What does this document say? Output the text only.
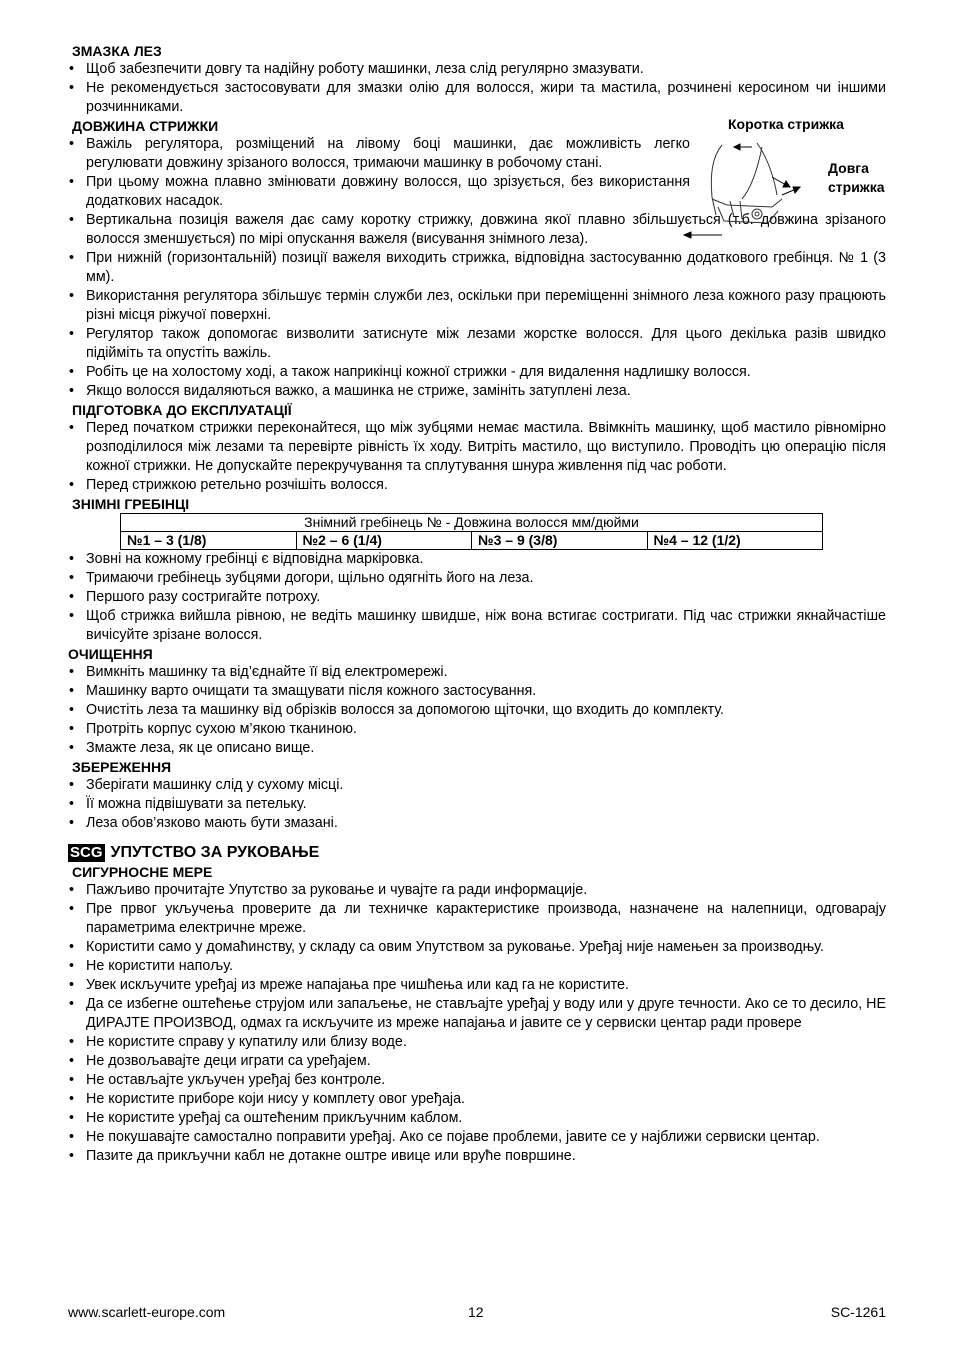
ЗМАЗКА ЛЕЗ
• Щоб забезпечити довгу та надійну роботу машинки, леза слід регулярно змазувати.
• Не рекомендується застосовувати для змазки олію для волосся, жири та мастила, розчинені керосином чи іншими розчинниками.
ДОВЖИНА СТРИЖКИ
• Важіль регулятора, розміщений на лівому боці машинки, дає можливість легко регулювати довжину зрізаного волосся, тримаючи машинку в робочому стані.
• При цьому можна плавно змінювати довжину волосся, що зрізується, без використання додаткових насадок.
• Вертикальна позиція важеля дає саму коротку стрижку, довжина якої плавно збільшується (т.б. довжина зрізаного волосся зменшується) по мірі опускання важеля (висування знімного леза).
• При нижній (горизонтальній) позиції важеля виходить стрижка, відповідна застосуванню додаткового гребінця. № 1 (3 мм).
• Використання регулятора збільшує термін служби лез, оскільки при переміщенні знімного леза кожного разу працюють різні місця ріжучої поверхні.
• Регулятор також допомогає визволити затиснуте між лезами жорстке волосся. Для цього декілька разів швидко підійміть та опустіть важіль.
• Робіть це на холостому ході, а також наприкінці кожної стрижки - для видалення надлишку волосся.
• Якщо волосся видаляються важко, а машинка не стриже, замініть затуплені леза.
Коротка стрижка
Довга
стрижка
ПІДГОТОВКА ДО ЕКСПЛУАТАЦІЇ
• Перед початком стрижки переконайтеся, що між зубцями немає мастила. Ввімкніть машинку, щоб мастило рівномірно розподілилося між лезами та перевірте рівність їх ходу. Витріть мастило, що виступило. Проводіть цю операцію після кожної стрижки. Не допускайте перекручування та сплутування шнура живлення під час роботи.
• Перед стрижкою ретельно розчішіть волосся.
ЗНІМНІ ГРЕБІНЦІ
Знімний гребінець № - Довжина волосся мм/дюйми
№1 – 3 (1/8)	№2 – 6 (1/4)	№3 – 9 (3/8)	№4 – 12 (1/2)
• Зовні на кожному гребінці є відповідна маркіровка.
• Тримаючи гребінець зубцями догори, щільно одягніть його на леза.
• Першого разу состригайте потроху.
• Щоб стрижка вийшла рівною, не ведіть машинку швидше, ніж вона встигає состригати. Під час стрижки якнайчастіше вичісуйте зрізане волосся.
ОЧИЩЕННЯ
• Вимкніть машинку та від’єднайте її від електромережі.
• Машинку варто очищати та змащувати після кожного застосування.
• Очистіть леза та машинку від обрізків волосся за допомогою щіточки, що входить до комплекту.
• Протріть корпус сухою м’якою тканиною.
• Змажте леза, як це описано вище.
ЗБЕРЕЖЕННЯ
• Зберігати машинку слід у сухому місці.
• Її можна підвішувати за петельку.
• Леза обов’язково мають бути змазані.
SCG УПУТСТВО ЗА РУКОВАЊЕ
СИГУРНОСНЕ МЕРЕ
• Пажљиво прочитајте Упутство за руковање и чувајте га ради информације.
• Пре првог укључења проверите да ли техничке карактеристике производа, назначене на налепници, одговарају параметрима електричне мреже.
• Користити само у домаћинству, у складу са овим Упутством за руковање. Уређај није намењен за производњу.
• Не користити напољу.
• Увек искључите уређај из мреже напајања пре чишћења или кад га не користите.
• Да се избегне оштећење струјом или запаљење, не стављајте уређај у воду или у друге течности. Ако се то десило, НЕ ДИРАЈТЕ ПРОИЗВОД, одмах га искључите из мреже напајања и јавите се у сервиски центар ради провере
• Не користите справу у купатилу или близу воде.
• Не дозвољавајте деци играти са уређајем.
• Не остављајте укључен уређај без контроле.
• Не користите приборе који нису у комплету овог уређаја.
• Не користите уређај са оштећеним прикључним каблом.
• Не покушавајте самостално поправити уређај. Ако се појаве проблеми, јавите се у најближи сервиски центар.
• Пазите да прикључни кабл не дотакне оштре ивице или вруће површине.
www.scarlett-europe.com	12	SC-1261
